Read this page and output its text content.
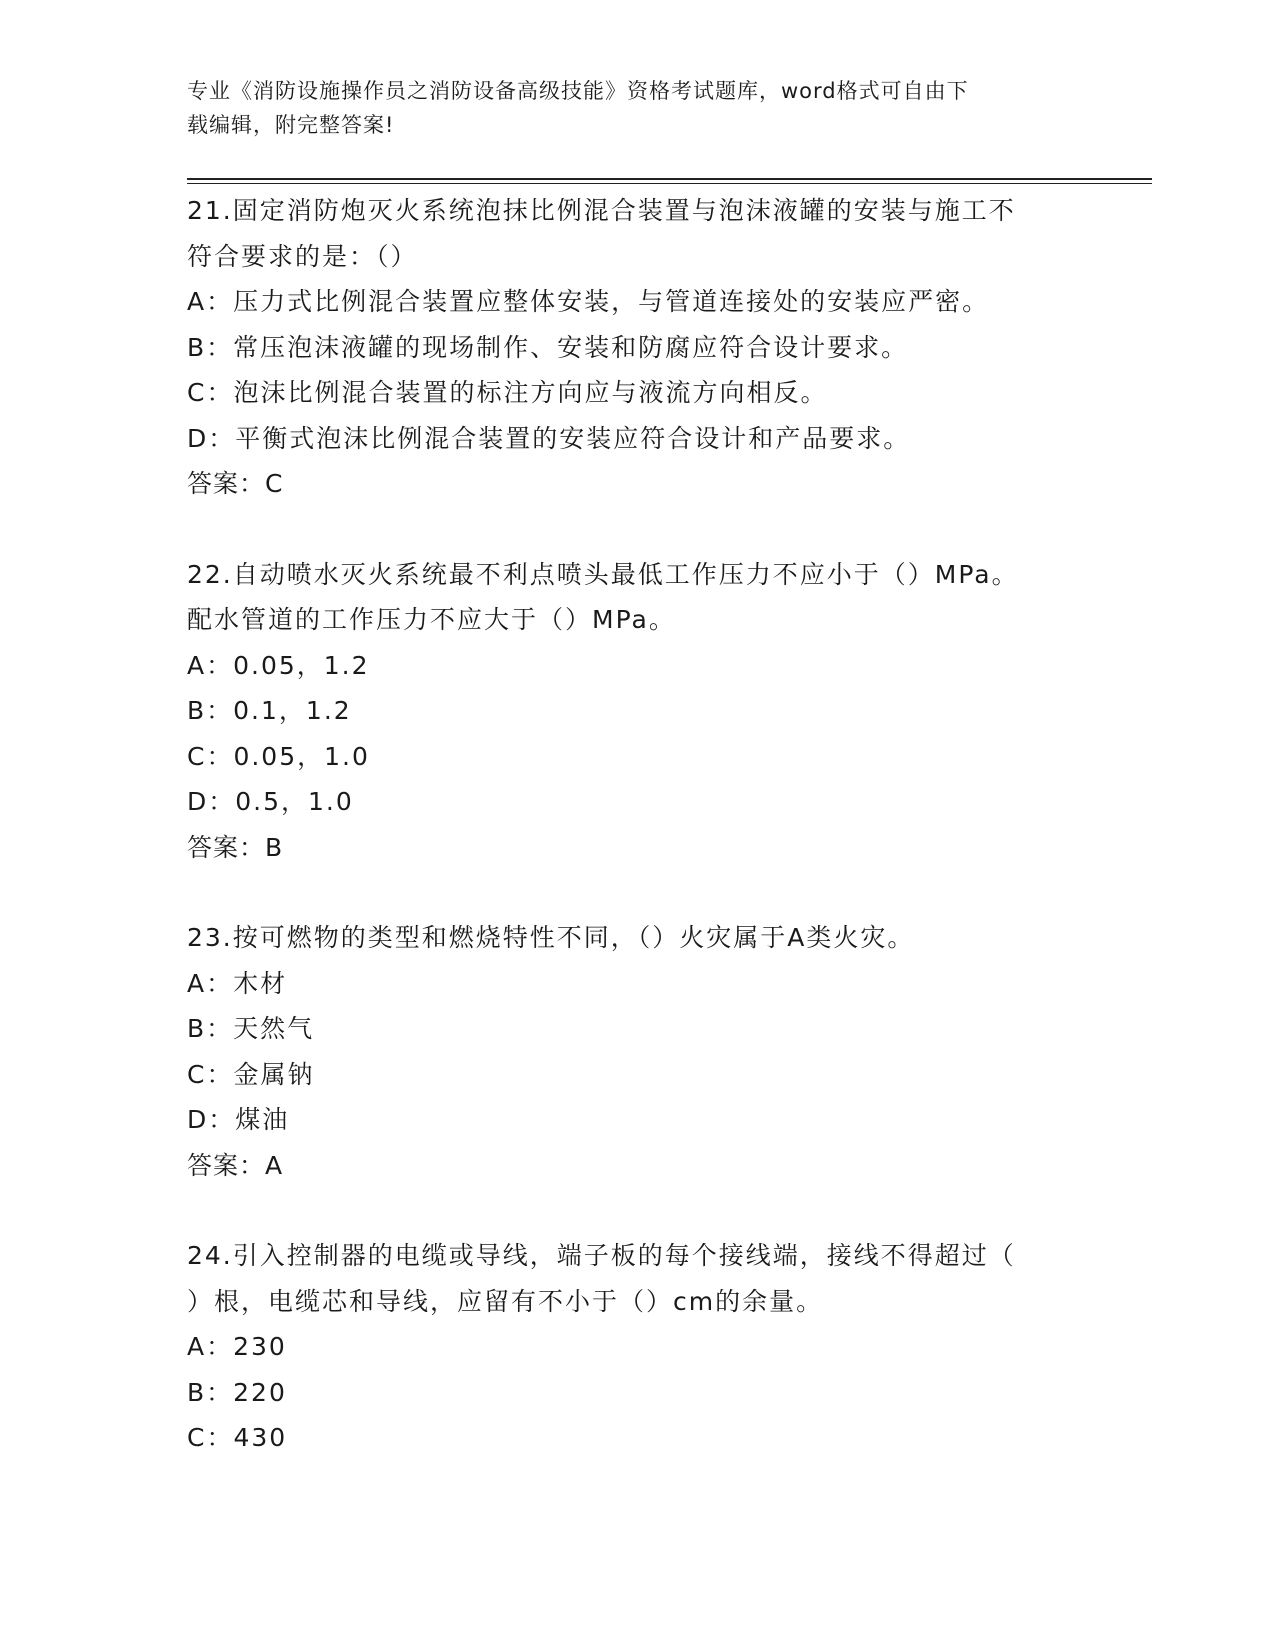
专业《消防设施操作员之消防设备高级技能》资格考试题库，word格式可自由下
载编辑，附完整答案!
21.固定消防炮灭火系统泡抹比例混合装置与泡沫液罐的安装与施工不
符合要求的是：（）
A：压力式比例混合装置应整体安装，与管道连接处的安装应严密。
B：常压泡沫液罐的现场制作、安装和防腐应符合设计要求。
C：泡沫比例混合装置的标注方向应与液流方向相反。
D：平衡式泡沫比例混合装置的安装应符合设计和产品要求。
答案：C
22.自动喷水灭火系统最不利点喷头最低工作压力不应小于（）MPa。
配水管道的工作压力不应大于（）MPa。
A：0.05，1.2
B：0.1，1.2
C：0.05，1.0
D：0.5，1.0
答案：B
23.按可燃物的类型和燃烧特性不同，（）火灾属于A类火灾。
A：木材
B：天然气
C：金属钠
D：煤油
答案：A
24.引入控制器的电缆或导线，端子板的每个接线端，接线不得超过（
）根，电缆芯和导线，应留有不小于（）cm的余量。
A：230
B：220
C：430
